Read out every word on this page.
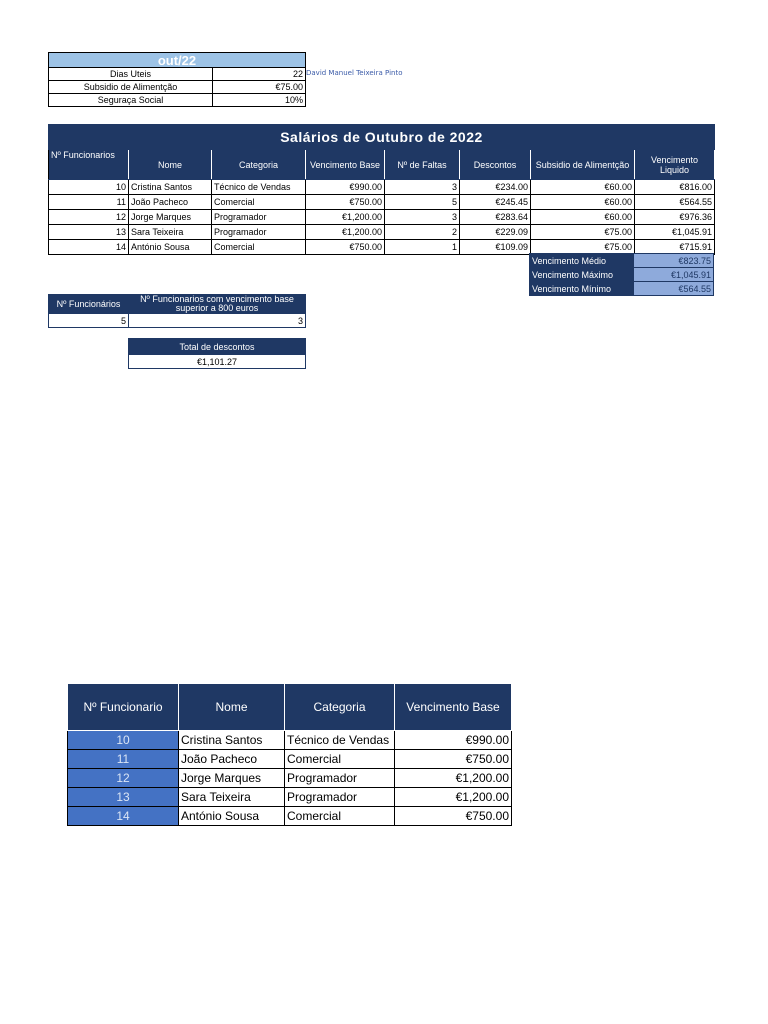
out/22	
Dias Uteis	22
Subsidio de Alimentção	€75.00
Seguraça Social	10%
David Manuel Teixeira Pinto
Salários de Outubro de 2022							
Nº Funcionarios	Nome	Categoria	Vencimento Base	Nº de Faltas	Descontos	Subsidio de Alimentção	Vencimento Liquido
10	Cristina Santos	Técnico de Vendas	€990.00	3	€234.00	€60.00	€816.00
11	João Pacheco	Comercial	€750.00	5	€245.45	€60.00	€564.55
12	Jorge Marques	Programador	€1,200.00	3	€283.64	€60.00	€976.36
13	Sara Teixeira	Programador	€1,200.00	2	€229.09	€75.00	€1,045.91
14	António Sousa	Comercial	€750.00	1	€109.09	€75.00	€715.91
Vencimento Médio	€823.75
Vencimento Máximo	€1,045.91
Vencimento Mínimo	€564.55
Nº Funcionários	Nº Funcionarios com vencimento base superior a 800 euros
5	3
Total de descontos
€1,101.27
Nº Funcionario	Nome	Categoria	Vencimento Base
10	Cristina Santos	Técnico de Vendas	€990.00
11	João Pacheco	Comercial	€750.00
12	Jorge Marques	Programador	€1,200.00
13	Sara Teixeira	Programador	€1,200.00
14	António Sousa	Comercial	€750.00
